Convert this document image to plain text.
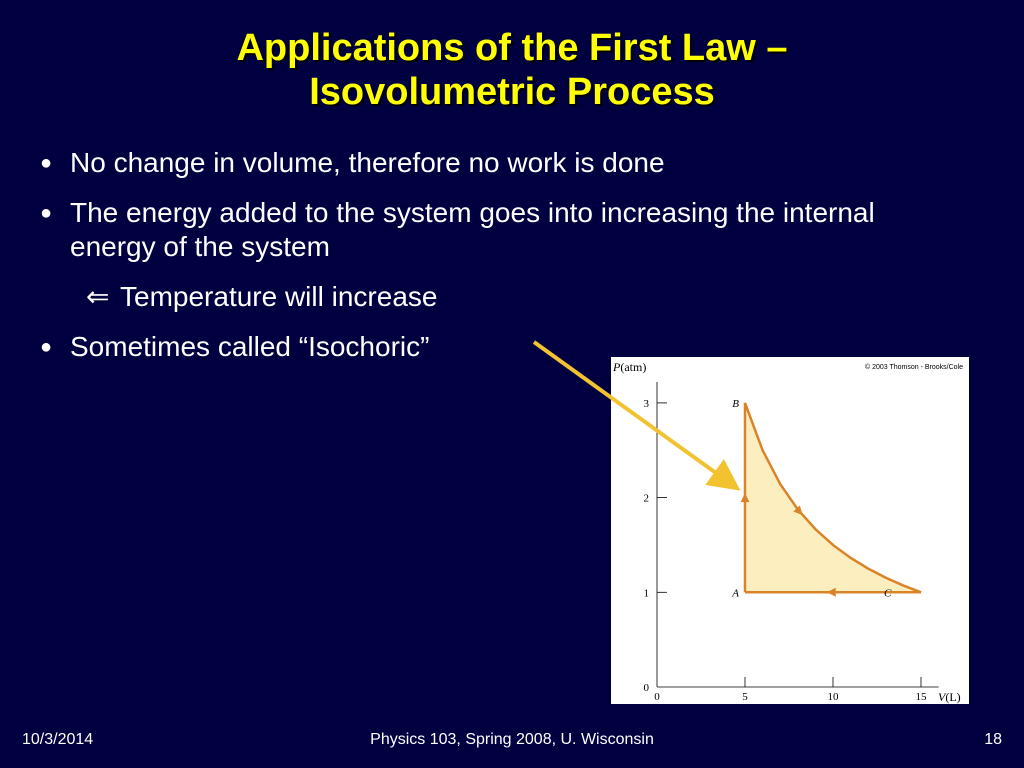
Applications of the First Law –
Isovolumetric Process
● No change in volume, therefore no work is done
● The energy added to the system goes into increasing the internal energy of the system
⇐ Temperature will increase
● Sometimes called “Isochoric”
© 2003 Thomson - Brooks/Cole
P(atm)
V(L)
0
1
2
3
0	5	10	15
A
B
C
10/3/2014	Physics 103, Spring 2008, U. Wisconsin	18
